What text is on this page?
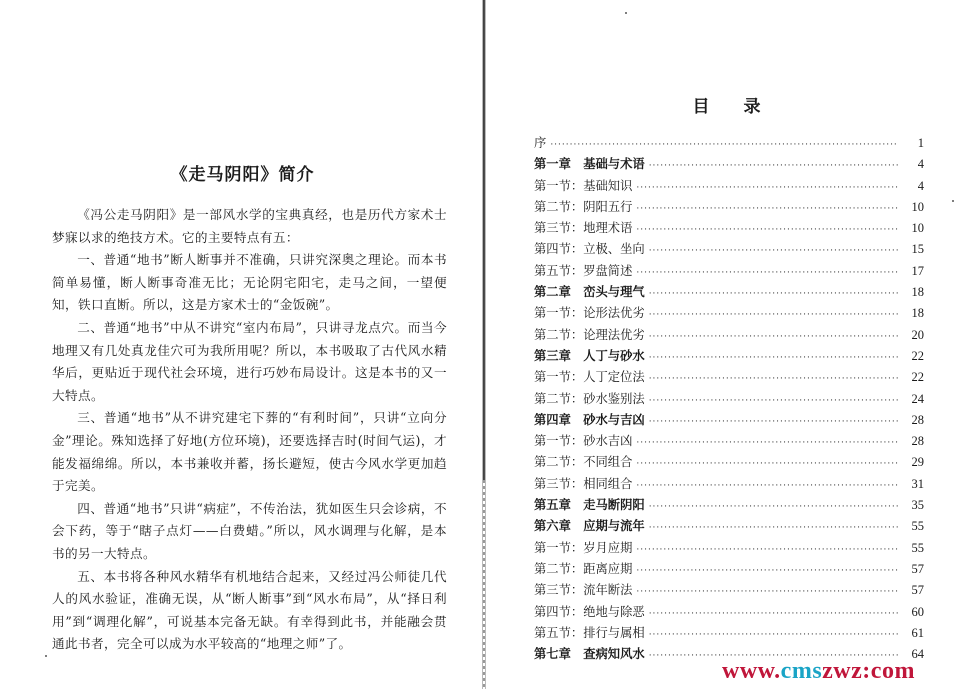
《走马阴阳》简介

《冯公走马阴阳》是一部风水学的宝典真经，也是历代方家术士梦寐以求的绝技方术。它的主要特点有五：

一、普通“地书”断人断事并不准确，只讲究深奥之理论。而本书简单易懂，断人断事奇准无比；无论阴宅阳宅，走马之间，一望便知，铁口直断。所以，这是方家术士的“金饭碗”。

二、普通“地书”中从不讲究“室内布局”，只讲寻龙点穴。而当今地理又有几处真龙佳穴可为我所用呢？所以，本书吸取了古代风水精华后，更贴近于现代社会环境，进行巧妙布局设计。这是本书的又一大特点。

三、普通“地书”从不讲究建宅下葬的“有利时间”，只讲“立向分金”理论。殊知选择了好地(方位环境)，还要选择吉时(时间气运)，才能发福绵绵。所以，本书兼收并蓄，扬长避短，使古今风水学更加趋于完美。

四、普通“地书”只讲“病症”，不传治法，犹如医生只会诊病，不会下药，等于“瞎子点灯——白费蜡。”所以，风水调理与化解，是本书的另一大特点。

五、本书将各种风水精华有机地结合起来，又经过冯公师徒几代人的风水验证，准确无误，从“断人断事”到“风水布局”，从“择日利用”到“调理化解”，可说基本完备无缺。有幸得到此书，并能融会贯通此书者，完全可以成为水平较高的“地理之师”了。

目 录
序 ·····	1
第一章　基础与术语 ·····	4
第一节：基础知识 ·····	4
第二节：阴阳五行 ·····	10
第三节：地理术语 ·····	10
第四节：立极、坐向 ·····	15
第五节：罗盘简述 ·····	17
第二章　峦头与理气 ·····	18
第一节：论形法优劣 ·····	18
第二节：论理法优劣 ·····	20
第三章　人丁与砂水 ·····	22
第一节：人丁定位法 ·····	22
第二节：砂水鉴别法 ·····	24
第四章　砂水与吉凶 ·····	28
第一节：砂水吉凶 ·····	28
第二节：不同组合 ·····	29
第三节：相同组合 ·····	31
第五章　走马断阴阳 ·····	35
第六章　应期与流年 ·····	55
第一节：岁月应期 ·····	55
第二节：距离应期 ·····	57
第三节：流年断法 ·····	57
第四节：绝地与除恶 ·····	60
第五节：排行与属相 ·····	61
第七章　查病知风水 ·····	64
www.cmszwz:com
